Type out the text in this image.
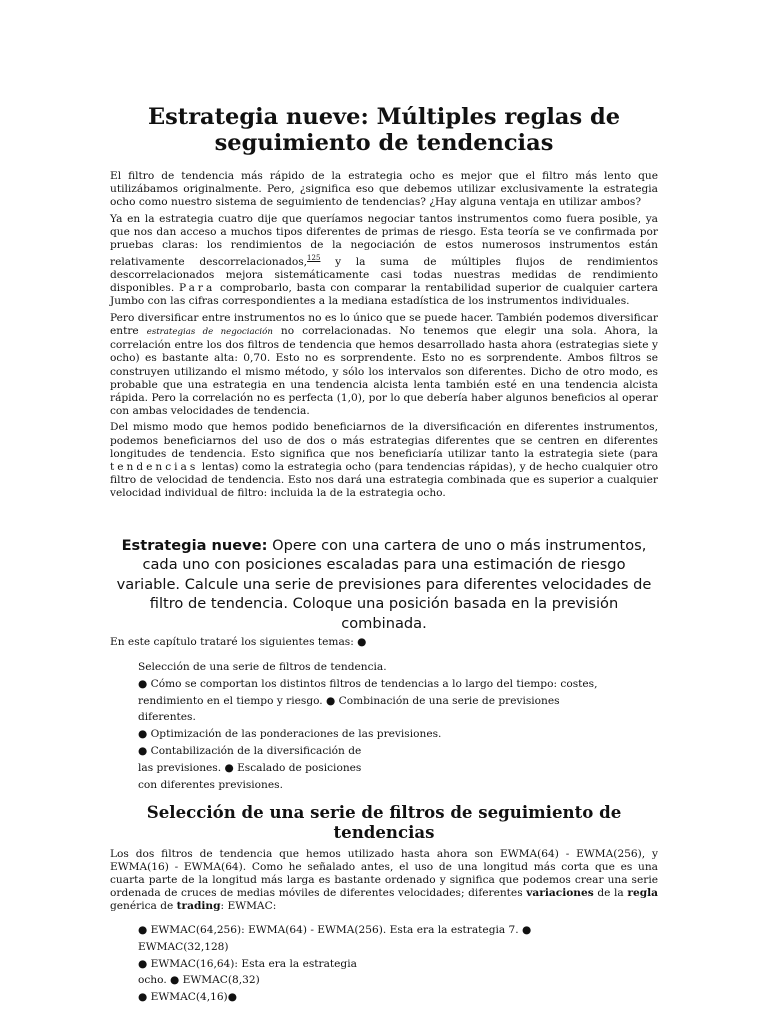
Estrategia nueve: Múltiples reglas de
seguimiento de tendencias

El filtro de tendencia más rápido de la estrategia ocho es mejor que el filtro más lento que utilizábamos originalmente. Pero, ¿significa eso que debemos utilizar exclusivamente la estrategia ocho como nuestro sistema de seguimiento de tendencias? ¿Hay alguna ventaja en utilizar ambos?

Ya en la estrategia cuatro dije que queríamos negociar tantos instrumentos como fuera posible, ya que nos dan acceso a muchos tipos diferentes de primas de riesgo. Esta teoría se ve confirmada por pruebas claras: los rendimientos de la negociación de estos numerosos instrumentos están relativamente descorrelacionados,$^{125}$ y la suma de múltiples flujos de rendimientos descorrelacionados mejora sistemáticamente casi todas nuestras medidas de rendimiento disponibles. Para comprobarlo, basta con comparar la rentabilidad superior de cualquier cartera Jumbo con las cifras correspondientes a la mediana estadística de los instrumentos individuales.

Pero diversificar entre instrumentos no es lo único que se puede hacer. También podemos diversificar entre estrategias de negociación no correlacionadas. No tenemos que elegir una sola. Ahora, la correlación entre los dos filtros de tendencia que hemos desarrollado hasta ahora (estrategias siete y ocho) es bastante alta: 0,70. Esto no es sorprendente. Esto no es sorprendente. Ambos filtros se construyen utilizando el mismo método, y sólo los intervalos son diferentes. Dicho de otro modo, es probable que una estrategia en una tendencia alcista lenta también esté en una tendencia alcista rápida. Pero la correlación no es perfecta (1,0), por lo que debería haber algunos beneficios al operar con ambas velocidades de tendencia.

Del mismo modo que hemos podido beneficiarnos de la diversificación en diferentes instrumentos, podemos beneficiarnos del uso de dos o más estrategias diferentes que se centren en diferentes longitudes de tendencia. Esto significa que nos beneficiaría utilizar tanto la estrategia siete (para tendencias lentas) como la estrategia ocho (para tendencias rápidas), y de hecho cualquier otro filtro de velocidad de tendencia. Esto nos dará una estrategia combinada que es superior a cualquier velocidad individual de filtro: incluida la de la estrategia ocho.

Estrategia nueve: Opere con una cartera de uno o más instrumentos, cada uno con posiciones escaladas para una estimación de riesgo variable. Calcule una serie de previsiones para diferentes velocidades de filtro de tendencia. Coloque una posición basada en la previsión combinada.
En este capítulo trataré los siguientes temas: ●
Selección de una serie de filtros de tendencia.
● Cómo se comportan los distintos filtros de tendencias a lo largo del tiempo: costes,
rendimiento en el tiempo y riesgo. ● Combinación de una serie de previsiones
diferentes.
● Optimización de las ponderaciones de las previsiones.
● Contabilización de la diversificación de
las previsiones. ● Escalado de posiciones
con diferentes previsiones.
Selección de una serie de filtros de seguimiento de tendencias
Los dos filtros de tendencia que hemos utilizado hasta ahora son EWMA(64) - EWMA(256), y EWMA(16) - EWMA(64). Como he señalado antes, el uso de una longitud más corta que es una cuarta parte de la longitud más larga es bastante ordenado y significa que podemos crear una serie ordenada de cruces de medias móviles de diferentes velocidades; diferentes variaciones de la regla genérica de trading: EWMAC:
● EWMAC(64,256): EWMA(64) - EWMA(256). Esta era la estrategia 7. ●
EWMAC(32,128)
● EWMAC(16,64): Esta era la estrategia
ocho. ● EWMAC(8,32)
● EWMAC(4,16)●
